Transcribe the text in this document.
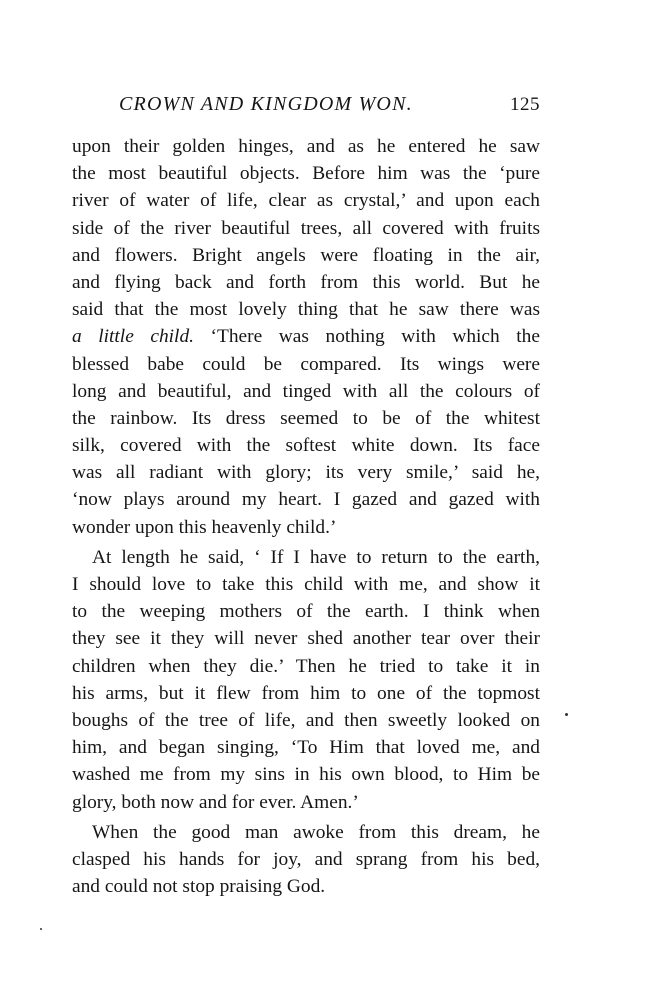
CROWN AND KINGDOM WON.	125
upon their golden hinges, and as he entered he saw
the most beautiful objects. Before him was the ‘pure
river of water of life, clear as crystal,’ and upon each
side of the river beautiful trees, all covered with fruits
and flowers. Bright angels were floating in the air,
and flying back and forth from this world. But he
said that the most lovely thing that he saw there was
a little child. ‘There was nothing with which the
blessed babe could be compared. Its wings were
long and beautiful, and tinged with all the colours of
the rainbow. Its dress seemed to be of the whitest
silk, covered with the softest white down. Its face
was all radiant with glory; its very smile,’ said he,
‘now plays around my heart. I gazed and gazed with
wonder upon this heavenly child.’
At length he said, ‘ If I have to return to the earth,
I should love to take this child with me, and show it
to the weeping mothers of the earth. I think when
they see it they will never shed another tear over their
children when they die.’ Then he tried to take it in
his arms, but it flew from him to one of the topmost
boughs of the tree of life, and then sweetly looked on
him, and began singing, ‘To Him that loved me, and
washed me from my sins in his own blood, to Him be
glory, both now and for ever. Amen.’
When the good man awoke from this dream, he
clasped his hands for joy, and sprang from his bed,
and could not stop praising God.
